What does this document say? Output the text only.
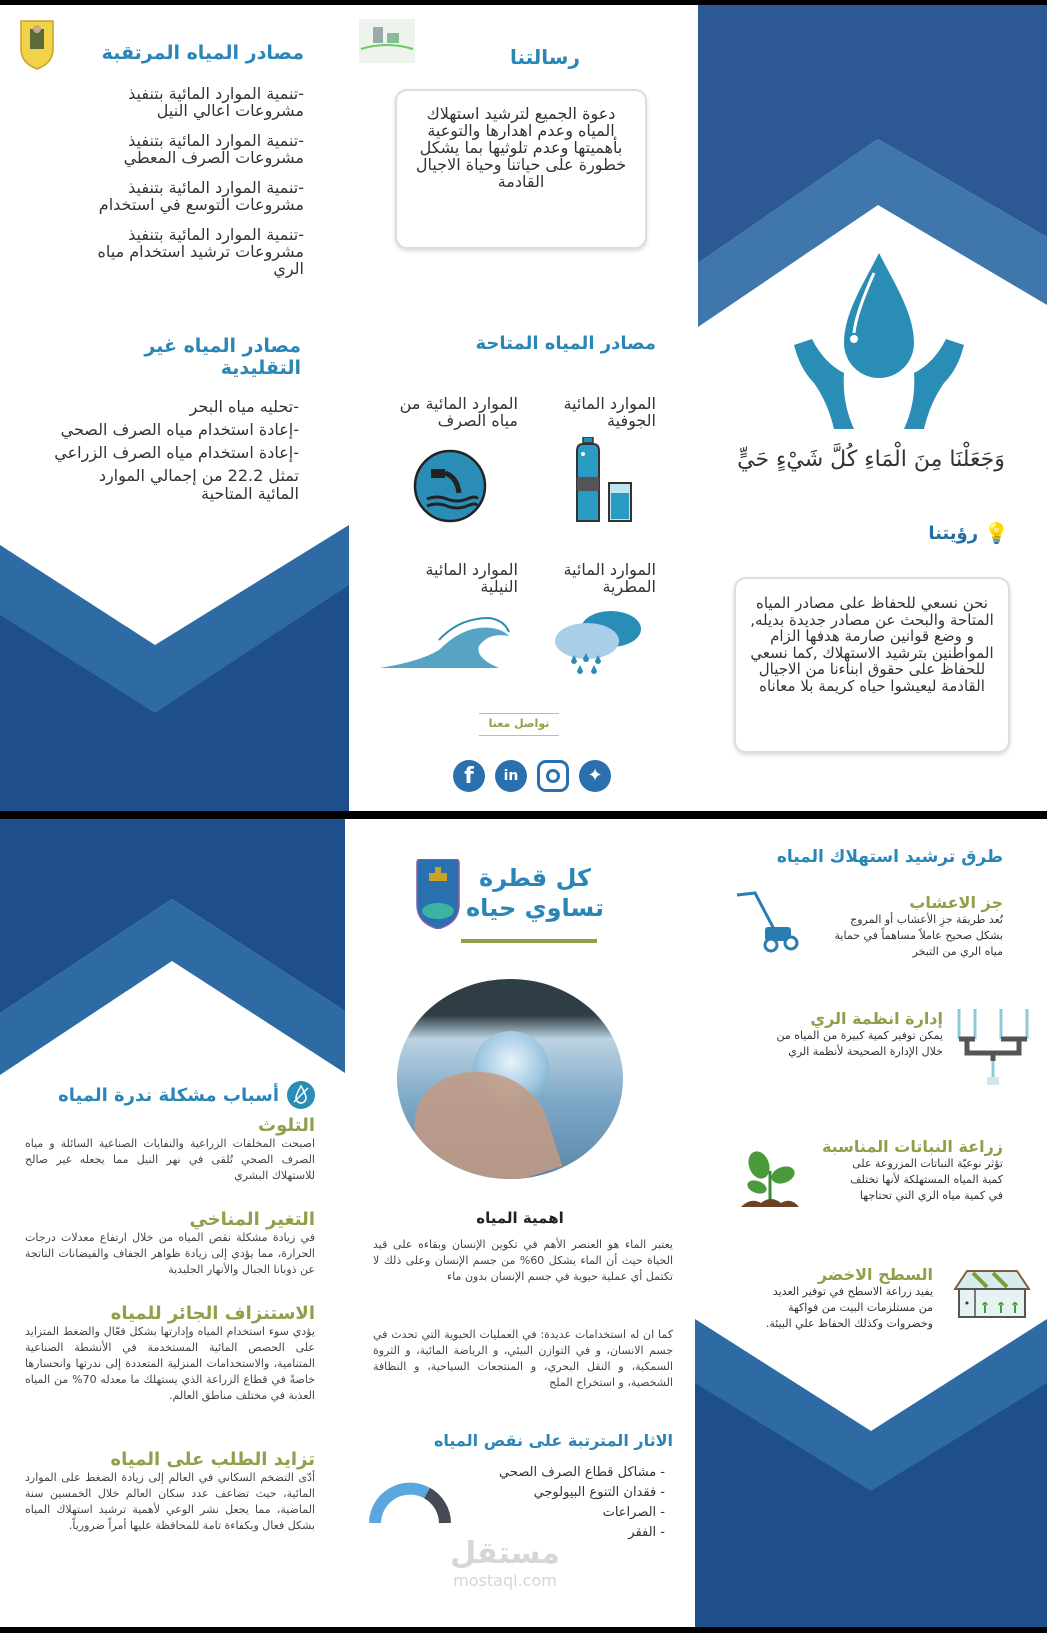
مصادر المياه المرتقبة
-تنمية الموارد المائية بتنفيذ مشروعات اعالي النيل
-تنمية الموارد المائية بتنفيذ مشروعات الصرف المعطي
-تنمية الموارد المائية بتنفيذ مشروعات التوسع في استخدام
-تنمية الموارد المائية بتنفيذ مشروعات ترشيد استخدام مياه الري
مصادر المياه غير التقليدية
-تحليه مياه البحر
-إعادة استخدام مياه الصرف الصحي
-إعادة استخدام مياه الصرف الزراعي
تمثل 22.2 من إجمالي الموارد المائية المتاحية
رسالتنا
دعوة الجميع لترشيد استهلاك المياه وعدم اهدارها والتوعية بأهميتها وعدم تلوثيها بما يشكل خطورة على حياتنا وحياة الاجيال القادمة
مصادر المياه المتاحة
الموارد المائية الجوفية
الموارد المائية من مياه الصرف
الموارد المائية المطرية
الموارد المائية النيلية
تواصل معنا
f	in	✦
وَجَعَلْنَا مِنَ الْمَاءِ كُلَّ شَيْءٍ حَيٍّ
💡
رؤيتنا
نحن نسعي للحفاظ على مصادر المياه المتاحة والبحث عن مصادر جديدة بديله, و وضع قوانين صارمة هدفها الزام المواطنين بترشيد الاستهلاك ,كما نسعي للحفاظ على حقوق ابناءنا من الاجيال القادمة ليعيشوا حياه كريمة بلا معاناه
أسباب مشكلة ندرة المياه
التلوث
اصبحت المخلفات الزراعية والنفايات الصناعية السائلة و مياه الصرف الصحي تُلقى في نهر النيل مما يجعله غير صالح للاستهلاك البشري
التغير المناخي
في زيادة مشكلة نقص المياه من خلال ارتفاع معدلات درجات الحرارة، مما يؤدي إلى زيادة ظواهر الجفاف والفيضانات الناتجة عن ذوبانا الجبال والأنهار الجليدية
الاستنزاف الجائر للمياه
يؤدي سوء استخدام المياه وإدارتها بشكل فعّال والضغط المتزايد على الحصص المائية المستخدمة في الأنشطة الصناعية المتنامية، والاستخدامات المنزلية المتعددة إلى ندرتها وانحسارها خاصةً في قطاع الزراعة الذي يستهلك ما معدله 70% من المياه العذبة في مختلف مناطق العالم.
تزايد الطلب على المياه
أدّى التضخم السكاني في العالم إلى زيادة الضغط على الموارد المائية، حيث تضاعف عدد سكان العالم خلال الخمسين سنة الماضية، مما يجعل نشر الوعي لأهمية ترشيد استهلاك المياه بشكل فعال وبكفاءة تامة للمحافظة عليها أمراً ضرورياً.
كل قطرة
تساوي حياه
اهمية المياه
يعتبر الماء هو العنصر الأهم في تكوين الإنسان وبقاءه على قيد الحياة حيث أن الماء يشكل 60% من جسم الإنسان وعلى ذلك لا تكتمل أي عملية حيوية في جسم الإنسان بدون ماء
كما ان له استخدامات عديدة: في العمليات الحيوية التي تحدث في جسم الانسان، و في التوازن البيئي، و الرياضة المائية، و الثروة السمكية، و النقل البحري، و المنتجعات السياحية، و النظافة الشخصية، و استخراج الملح
الاثار المترتبة على نقص المياه
- مشاكل قطاع الصرف الصحي
- فقدان التنوع البيولوجي
- الصراعات
- الفقر
مستقل
mostaql.com
طرق ترشيد استهلاك المياه
جز الاعشاب
تُعد طريقة جزِ الأعشاب أو المروج بشكل صحيح عاملاً مساهماً في حماية مياه الري من التبخر
إدارة انظمة الري
يمكن توفير كمية كبيرة من المياه من خلال الإدارة الصحيحة لأنظمة الري
زراعة النباتات المناسبة
تؤثر نوعيّة النباتات المزروعة على كمية المياه المستهلكة لأنها تختلف في كمية مياه الري التي تحتاجها
السطح الاخضر
يفيد زراعة الاسطح في توفير العديد من مستلزمات البيت من فواكهة وخضروات وكذلك الحفاظ علي البيئة.
